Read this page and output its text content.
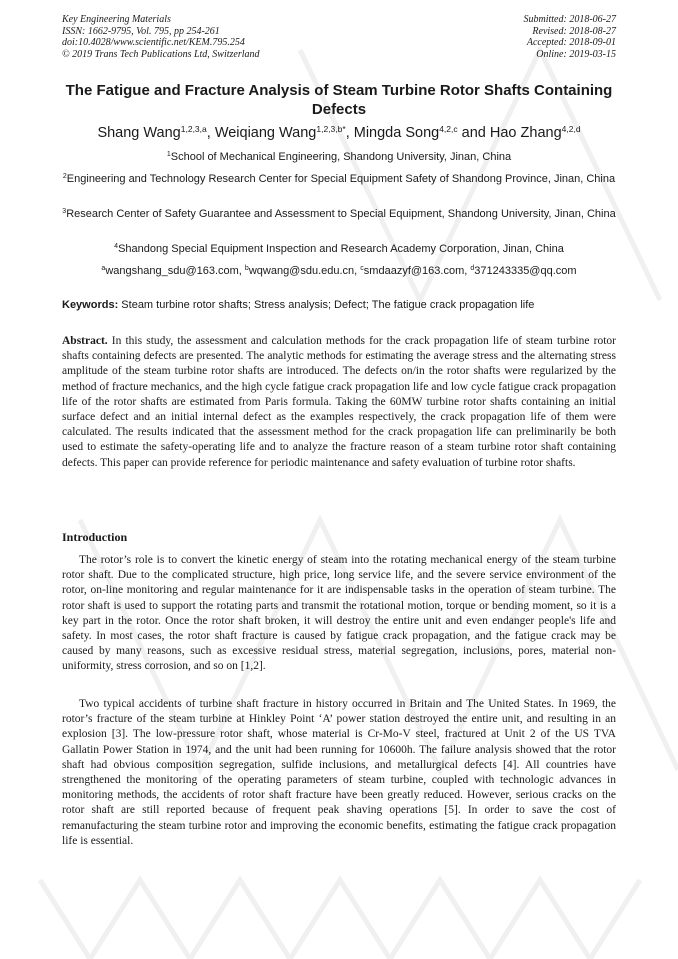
Key Engineering Materials
ISSN: 1662-9795, Vol. 795, pp 254-261
doi:10.4028/www.scientific.net/KEM.795.254
© 2019 Trans Tech Publications Ltd, Switzerland
Submitted: 2018-06-27
Revised: 2018-08-27
Accepted: 2018-09-01
Online: 2019-03-15
The Fatigue and Fracture Analysis of Steam Turbine Rotor Shafts Containing Defects
Shang Wang$^{1,2,3,a}$, Weiqiang Wang$^{1,2,3,b*}$, Mingda Song$^{4,2,c}$ and Hao Zhang$^{4,2,d}$
$^1$School of Mechanical Engineering, Shandong University, Jinan, China
$^2$Engineering and Technology Research Center for Special Equipment Safety of Shandong Province, Jinan, China
$^3$Research Center of Safety Guarantee and Assessment to Special Equipment, Shandong University, Jinan, China
$^4$Shandong Special Equipment Inspection and Research Academy Corporation, Jinan, China
$^a$wangshang_sdu@163.com, $^b$wqwang@sdu.edu.cn, $^c$smdaazyf@163.com, $^d$371243335@qq.com
Keywords: Steam turbine rotor shafts; Stress analysis; Defect; The fatigue crack propagation life
Abstract. In this study, the assessment and calculation methods for the crack propagation life of steam turbine rotor shafts containing defects are presented. The analytic methods for estimating the average stress and the alternating stress amplitude of the steam turbine rotor shafts are introduced. The defects on/in the rotor shafts were regularized by the method of fracture mechanics, and the high cycle fatigue crack propagation life and low cycle fatigue crack propagation life of the rotor shafts are estimated from Paris formula. Taking the 60MW turbine rotor shafts containing an initial surface defect and an initial internal defect as the examples respectively, the crack propagation life of them were calculated. The results indicated that the assessment method for the crack propagation life can preliminarily be both used to estimate the safety-operating life and to analyze the fracture reason of a steam turbine rotor shaft containing defects. This paper can provide reference for periodic maintenance and safety evaluation of turbine rotor shafts.
Introduction
The rotor’s role is to convert the kinetic energy of steam into the rotating mechanical energy of the steam turbine rotor shaft. Due to the complicated structure, high price, long service life, and the severe service environment of the rotor, on-line monitoring and regular maintenance for it are indispensable tasks in the operation of steam turbine. The rotor shaft is used to support the rotating parts and transmit the rotational motion, torque or bending moment, so it is a key part in the rotor. Once the rotor shaft broken, it will destroy the entire unit and even endanger people's life and safety. In most cases, the rotor shaft fracture is caused by fatigue crack propagation, and the fatigue crack may be caused by many reasons, such as excessive residual stress, material segregation, inclusions, pores, material non-uniformity, stress corrosion, and so on [1,2].
Two typical accidents of turbine shaft fracture in history occurred in Britain and The United States. In 1969, the rotor’s fracture of the steam turbine at Hinkley Point ‘A’ power station destroyed the entire unit, and resulting in an explosion [3]. The low-pressure rotor shaft, whose material is Cr-Mo-V steel, fractured at Unit 2 of the US TVA Gallatin Power Station in 1974, and the unit had been running for 10600h. The failure analysis showed that the rotor shaft had obvious composition segregation, sulfide inclusions, and metallurgical defects [4]. All countries have strengthened the monitoring of the operating parameters of steam turbine, coupled with technologic advances in monitoring methods, the accidents of rotor shaft fracture have been greatly reduced. However, serious cracks on the rotor shaft are still reported because of frequent peak shaving operations [5]. In order to save the cost of remanufacturing the steam turbine rotor and improving the economic benefits, estimating the fatigue crack propagation life is essential.
